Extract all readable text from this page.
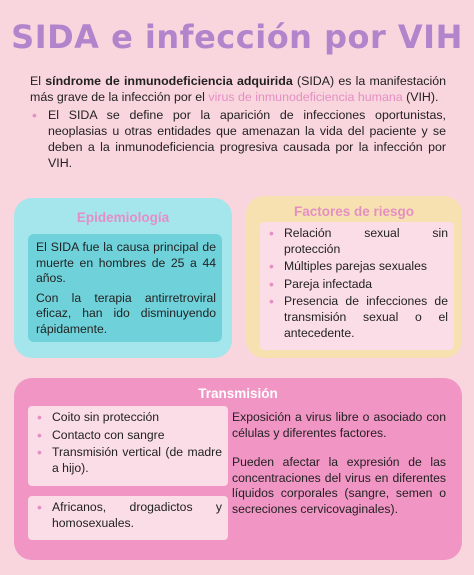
SIDA e infección por VIH
El síndrome de inmunodeficiencia adquirida (SIDA) es la manifestación más grave de la infección por el virus de inmunodeficiencia humana (VIH).
• El SIDA se define por la aparición de infecciones oportunistas, neoplasias u otras entidades que amenazan la vida del paciente y se deben a la inmunodeficiencia progresiva causada por la infección por VIH.
Epidemiología

El SIDA fue la causa principal de muerte en hombres de 25 a 44 años.

Con la terapia antirretroviral eficaz, han ido disminuyendo rápidamente.

Factores de riesgo
• Relación sexual sin protección
• Múltiples parejas sexuales
• Pareja infectada
• Presencia de infecciones de transmisión sexual o el antecedente.
Transmisión
• Coito sin protección
• Contacto con sangre
• Transmisión vertical (de madre a hijo).
• Africanos, drogadictos y homosexuales.

Exposición a virus libre o asociado con células y diferentes factores.

Pueden afectar la expresión de las concentraciones del virus en diferentes líquidos corporales (sangre, semen o secreciones cervicovaginales).
